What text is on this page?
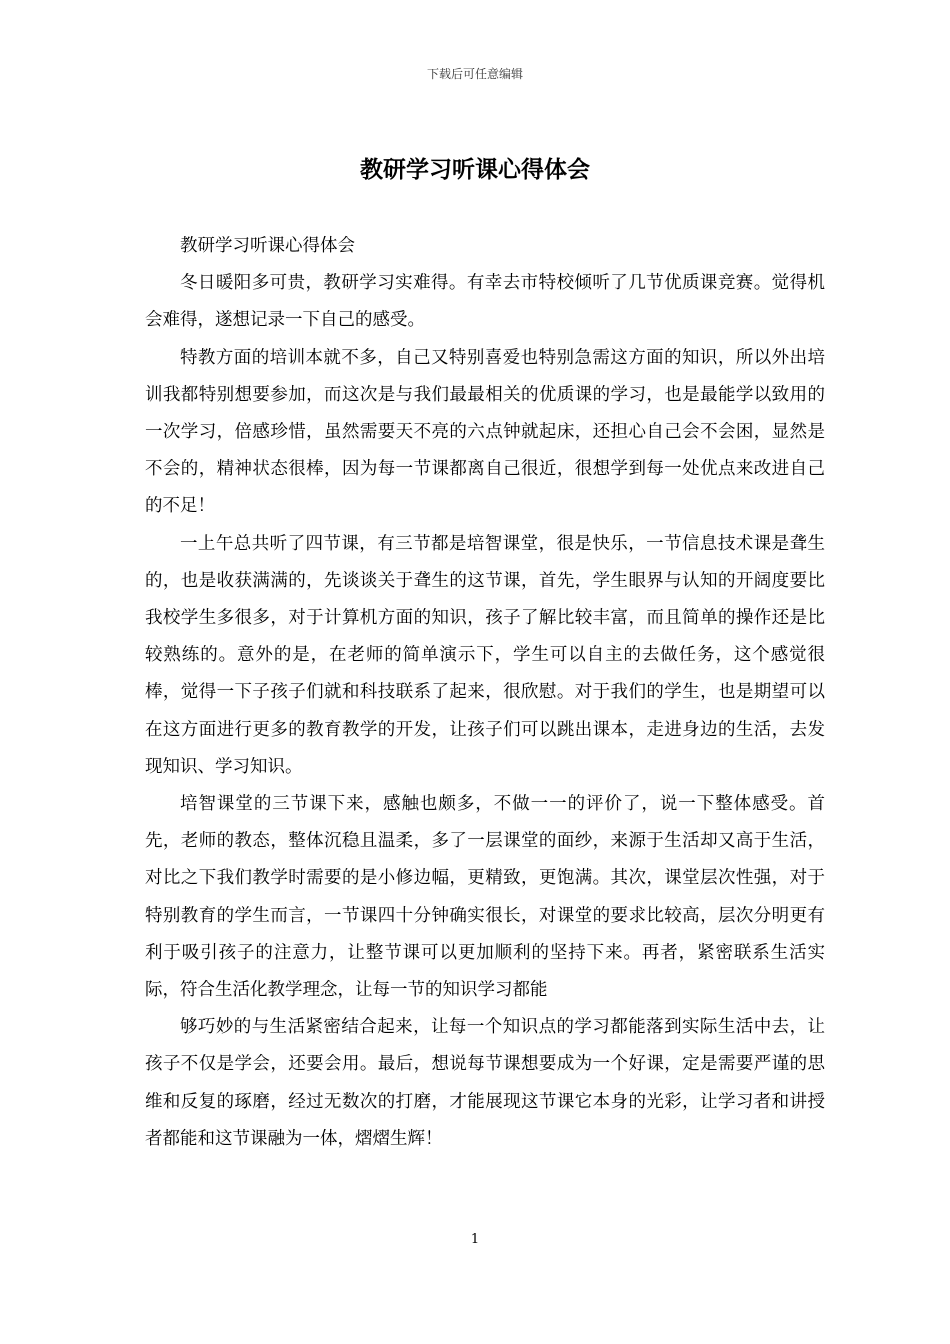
下载后可任意编辑
教研学习听课心得体会

教研学习听课心得体会

冬日暖阳多可贵，教研学习实难得。有幸去市特校倾听了几节优质课竞赛。觉得机会难得，遂想记录一下自己的感受。

特教方面的培训本就不多，自己又特别喜爱也特别急需这方面的知识，所以外出培训我都特别想要参加，而这次是与我们最最相关的优质课的学习，也是最能学以致用的一次学习，倍感珍惜，虽然需要天不亮的六点钟就起床，还担心自己会不会困，显然是不会的，精神状态很棒，因为每一节课都离自己很近，很想学到每一处优点来改进自己的不足！

一上午总共听了四节课，有三节都是培智课堂，很是快乐，一节信息技术课是聋生的，也是收获满满的，先谈谈关于聋生的这节课，首先，学生眼界与认知的开阔度要比我校学生多很多，对于计算机方面的知识，孩子了解比较丰富，而且简单的操作还是比较熟练的。意外的是，在老师的简单演示下，学生可以自主的去做任务，这个感觉很棒，觉得一下子孩子们就和科技联系了起来，很欣慰。对于我们的学生，也是期望可以在这方面进行更多的教育教学的开发，让孩子们可以跳出课本，走进身边的生活，去发现知识、学习知识。

培智课堂的三节课下来，感触也颇多，不做一一的评价了，说一下整体感受。首先，老师的教态，整体沉稳且温柔，多了一层课堂的面纱，来源于生活却又高于生活，对比之下我们教学时需要的是小修边幅，更精致，更饱满。其次，课堂层次性强，对于特别教育的学生而言，一节课四十分钟确实很长，对课堂的要求比较高，层次分明更有利于吸引孩子的注意力，让整节课可以更加顺利的坚持下来。再者，紧密联系生活实际，符合生活化教学理念，让每一节的知识学习都能

够巧妙的与生活紧密结合起来，让每一个知识点的学习都能落到实际生活中去，让孩子不仅是学会，还要会用。最后，想说每节课想要成为一个好课，定是需要严谨的思维和反复的琢磨，经过无数次的打磨，才能展现这节课它本身的光彩，让学习者和讲授者都能和这节课融为一体，熠熠生辉！

1
